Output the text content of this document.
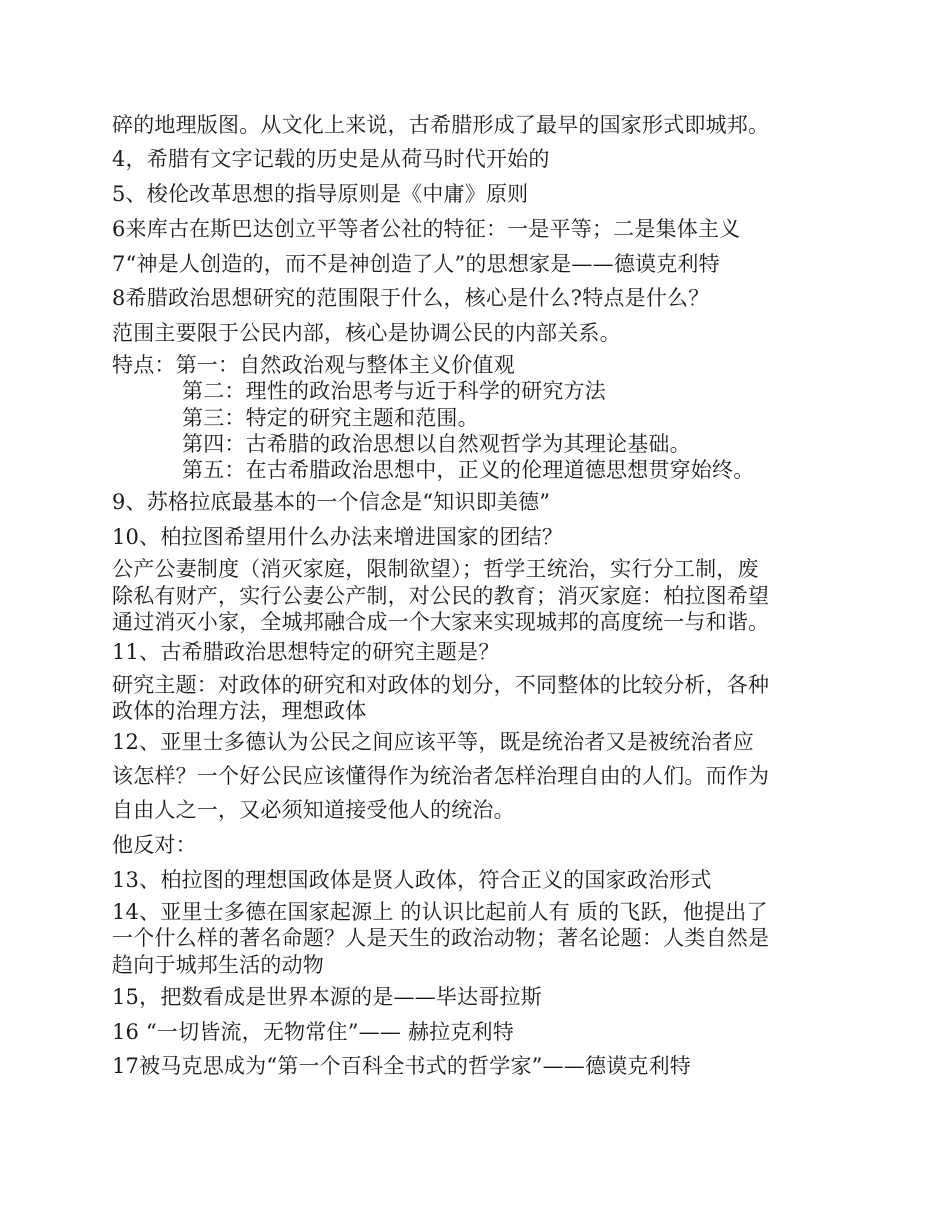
碎的地理版图。从文化上来说，古希腊形成了最早的国家形式即城邦。
4，希腊有文字记载的历史是从荷马时代开始的
5、梭伦改革思想的指导原则是《中庸》原则
6来库古在斯巴达创立平等者公社的特征：一是平等；二是集体主义
7“神是人创造的，而不是神创造了人”的思想家是——德谟克利特
8希腊政治思想研究的范围限于什么，核心是什么?特点是什么？
范围主要限于公民内部，核心是协调公民的内部关系。
特点：第一：自然政治观与整体主义价值观
第二：理性的政治思考与近于科学的研究方法
第三：特定的研究主题和范围。
第四：古希腊的政治思想以自然观哲学为其理论基础。
第五：在古希腊政治思想中，正义的伦理道德思想贯穿始终。
9、苏格拉底最基本的一个信念是“知识即美德”
10、柏拉图希望用什么办法来增进国家的团结？
公产公妻制度（消灭家庭，限制欲望）；哲学王统治，实行分工制，废
除私有财产，实行公妻公产制，对公民的教育；消灭家庭：柏拉图希望
通过消灭小家，全城邦融合成一个大家来实现城邦的高度统一与和谐。
11、古希腊政治思想特定的研究主题是？
研究主题：对政体的研究和对政体的划分，不同整体的比较分析，各种
政体的治理方法，理想政体
12、亚里士多德认为公民之间应该平等，既是统治者又是被统治者应
该怎样？一个好公民应该懂得作为统治者怎样治理自由的人们。而作为
自由人之一，又必须知道接受他人的统治。
他反对：
13、柏拉图的理想国政体是贤人政体，符合正义的国家政治形式
14、亚里士多德在国家起源上 的认识比起前人有 质的飞跃，他提出了
一个什么样的著名命题？人是天生的政治动物；著名论题：人类自然是
趋向于城邦生活的动物
15，把数看成是世界本源的是——毕达哥拉斯
16 “一切皆流，无物常住”—— 赫拉克利特
17被马克思成为“第一个百科全书式的哲学家”——德谟克利特
